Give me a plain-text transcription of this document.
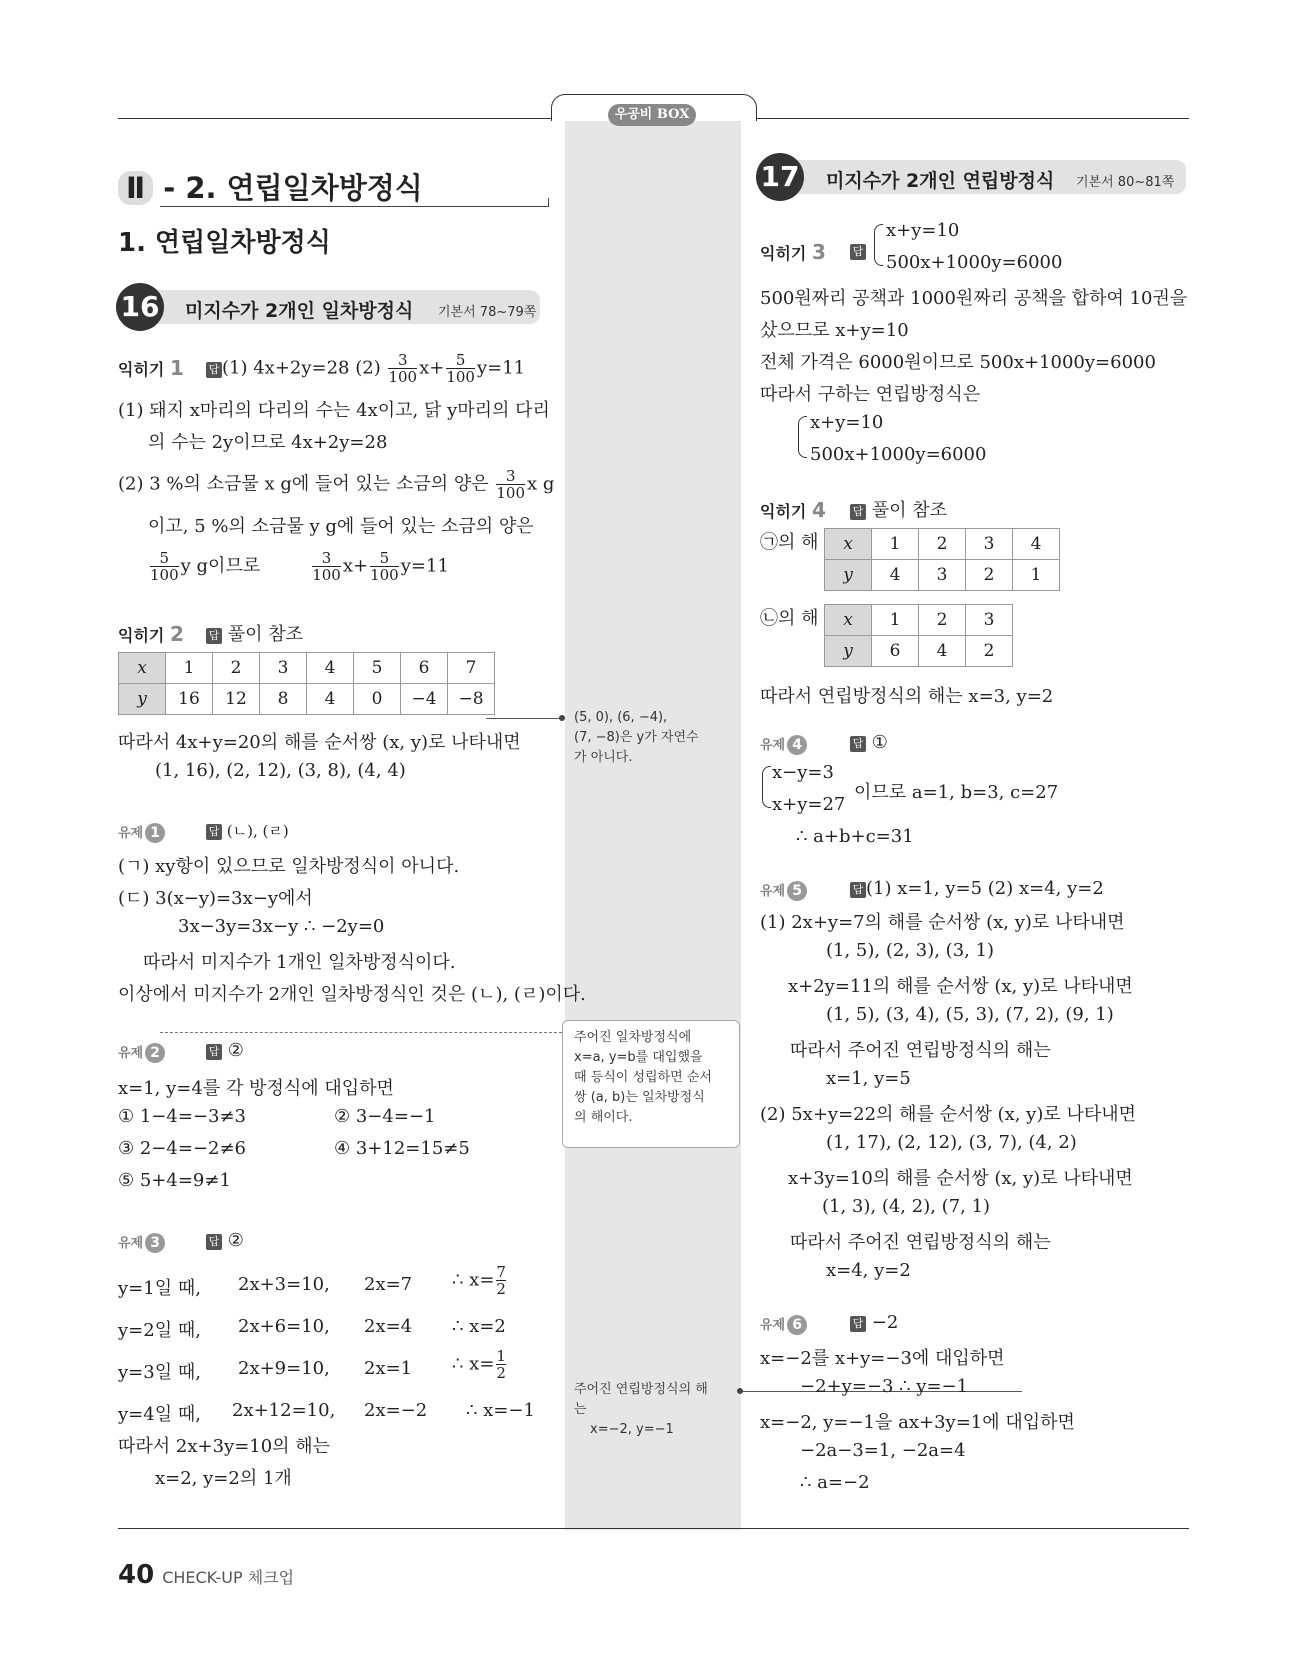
우공비 BOX
Ⅱ - 2. 연립일차방정식
1. 연립일차방정식
16 미지수가 2개인 일차방정식 기본서 78~79쪽
익히기 1 답 (1) 4x+2y=28 $(2) \frac{3}{100} x+ \frac{5}{100} y=11$
(1) 돼지 x마리의 다리의 수는 4x이고, 닭 y마리의 다리
의 수는 2y이므로 4x+2y=28
(2) 3 %의 소금물 x g에 들어 있는 소금의 양은 $\frac{3}{100}$ x g
이고, 5 %의 소금물 y g에 들어 있는 소금의 양은
$\frac{5}{100}$ y g이므로	$\frac{3}{100} x+ \frac{5}{100} y=11$
익히기 2 답 풀이 참조
x	1	2	3	4	5	6	7
y	16	12	8	4	0	−4	−8
따라서 4x+y=20의 해를 순서쌍 (x, y)로 나타내면
(1, 16), (2, 12), (3, 8), (4, 4)
유제 1	답 (ㄴ), (ㄹ)
(ㄱ) xy항이 있으므로 일차방정식이 아니다.
(ㄷ) 3(x−y)=3x−y에서
3x−3y=3x−y ∴ −2y=0
따라서 미지수가 1개인 일차방정식이다.
이상에서 미지수가 2개인 일차방정식인 것은 (ㄴ), (ㄹ)이다.
유제 2	답 ②
x=1, y=4를 각 방정식에 대입하면
① 1−4=−3≠3	② 3−4=−1
③ 2−4=−2≠6	④ 3+12=15≠5
⑤ 5+4=9≠1
유제 3	답 ②
y=1일 때, 2x+3=10, 2x=7 ∴ $x= \frac{7}{2}$
y=2일 때, 2x+6=10, 2x=4 ∴ x=2
y=3일 때, 2x+9=10, 2x=1 ∴ $x= \frac{1}{2}$
y=4일 때, 2x+12=10, 2x=−2 ∴ x=−1
따라서 2x+3y=10의 해는
x=2, y=2의 1개
(5, 0), (6, −4),
(7, −8)은 y가 자연수
가 아니다.
주어진 일차방정식에
x=a, y=b를 대입했을
때 등식이 성립하면 순서
쌍 (a, b)는 일차방정식
의 해이다.
주어진 연립방정식의 해
는
x=−2, y=−1
17 미지수가 2개인 연립방정식 기본서 80~81쪽
익히기 3 답
x+y=10
500x+1000y=6000
500원짜리 공책과 1000원짜리 공책을 합하여 10권을
샀으므로 x+y=10
전체 가격은 6000원이므로 500x+1000y=6000
따라서 구하는 연립방정식은
x+y=10
500x+1000y=6000
익히기 4 답 풀이 참조
㉠의 해 x	1	2	3	4
y	4	3	2	1
㉡의 해 x	1	2	3
y	6	4	2
따라서 연립방정식의 해는 x=3, y=2
유제 4	답 ①
x−y=3
x+y=27
이므로 a=1, b=3, c=27
∴ a+b+c=31
유제 5	답 (1) x=1, y=5 (2) x=4, y=2
(1) 2x+y=7의 해를 순서쌍 (x, y)로 나타내면
(1, 5), (2, 3), (3, 1)
x+2y=11의 해를 순서쌍 (x, y)로 나타내면
(1, 5), (3, 4), (5, 3), (7, 2), (9, 1)
따라서 주어진 연립방정식의 해는
x=1, y=5
(2) 5x+y=22의 해를 순서쌍 (x, y)로 나타내면
(1, 17), (2, 12), (3, 7), (4, 2)
x+3y=10의 해를 순서쌍 (x, y)로 나타내면
(1, 3), (4, 2), (7, 1)
따라서 주어진 연립방정식의 해는
x=4, y=2
유제 6	답 −2
x=−2를 x+y=−3에 대입하면
−2+y=−3 ∴ y=−1
x=−2, y=−1을 ax+3y=1에 대입하면
−2a−3=1, −2a=4
∴ a=−2
40 CHECK-UP 체크업
